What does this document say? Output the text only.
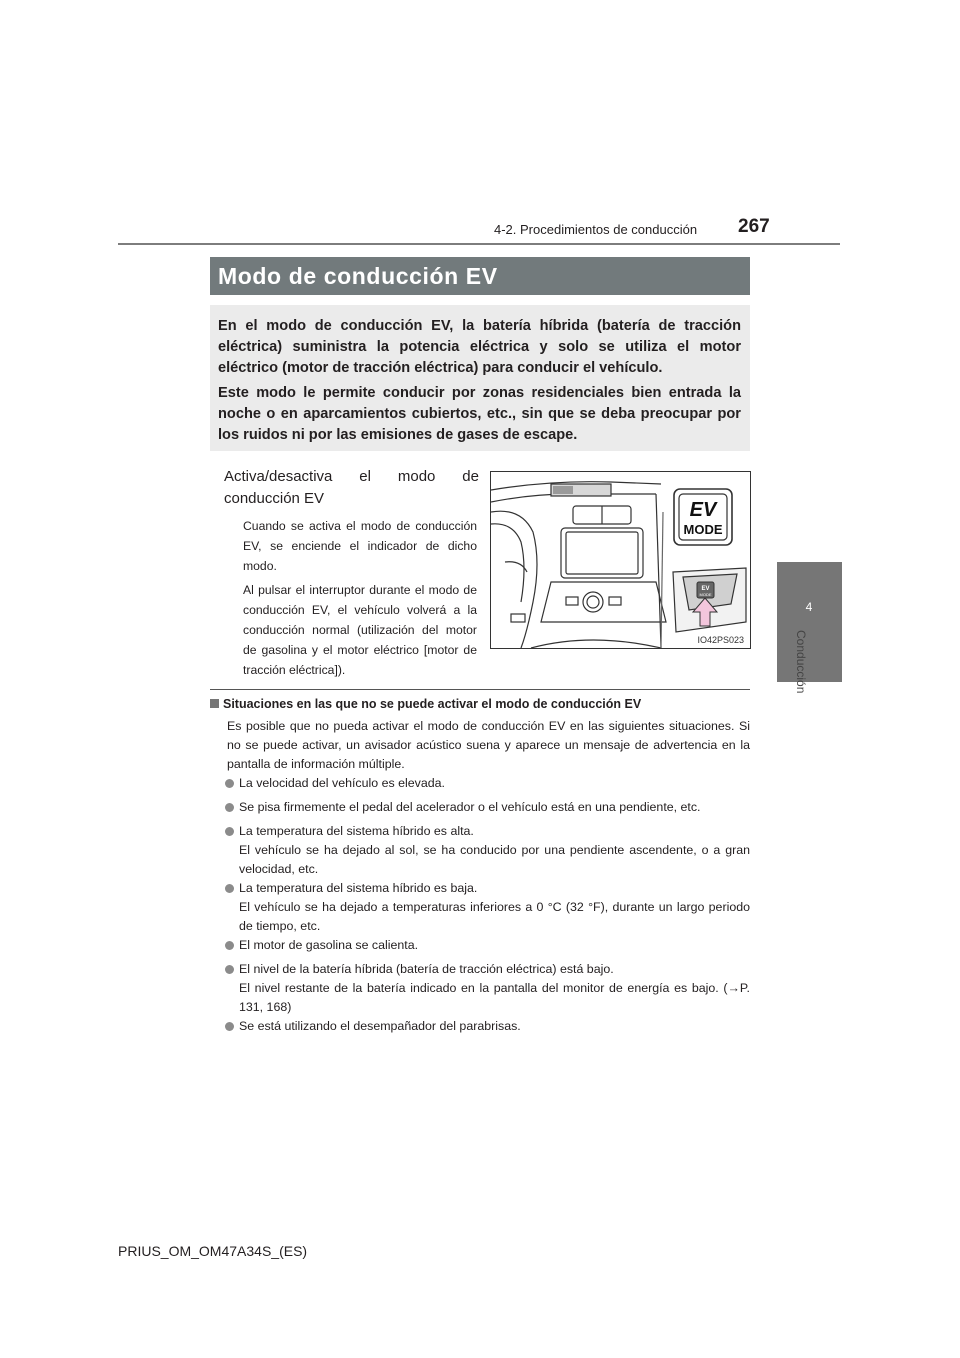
4-2. Procedimientos de conducción 267
4
Conducción
Modo de conducción EV
En el modo de conducción EV, la batería híbrida (batería de tracción eléctrica) suministra la potencia eléctrica y solo se utiliza el motor eléctrico (motor de tracción eléctrica) para conducir el vehículo.
Este modo le permite conducir por zonas residenciales bien entrada la noche o en aparcamientos cubiertos, etc., sin que se deba preocupar por los ruidos ni por las emisiones de gases de escape.
Activa/desactiva el modo de conducción EV

Cuando se activa el modo de conducción EV, se enciende el indicador de dicho modo.

Al pulsar el interruptor durante el modo de conducción EV, el vehículo volverá a la conducción normal (utilización del motor de gasolina y el motor eléctrico [motor de tracción eléctrica]).

EV
MODE
EV
MODE
IO42PS023
Situaciones en las que no se puede activar el modo de conducción EV
Es posible que no pueda activar el modo de conducción EV en las siguientes situaciones. Si no se puede activar, un avisador acústico suena y aparece un mensaje de advertencia en la pantalla de información múltiple.
La velocidad del vehículo es elevada.
Se pisa firmemente el pedal del acelerador o el vehículo está en una pendiente, etc.
La temperatura del sistema híbrido es alta.
El vehículo se ha dejado al sol, se ha conducido por una pendiente ascendente, o a gran velocidad, etc.
La temperatura del sistema híbrido es baja.
El vehículo se ha dejado a temperaturas inferiores a 0 °C (32 °F), durante un largo periodo de tiempo, etc.
El motor de gasolina se calienta.
El nivel de la batería híbrida (batería de tracción eléctrica) está bajo.
El nivel restante de la batería indicado en la pantalla del monitor de energía es bajo. (→P. 131, 168)
Se está utilizando el desempañador del parabrisas.
PRIUS_OM_OM47A34S_(ES)
